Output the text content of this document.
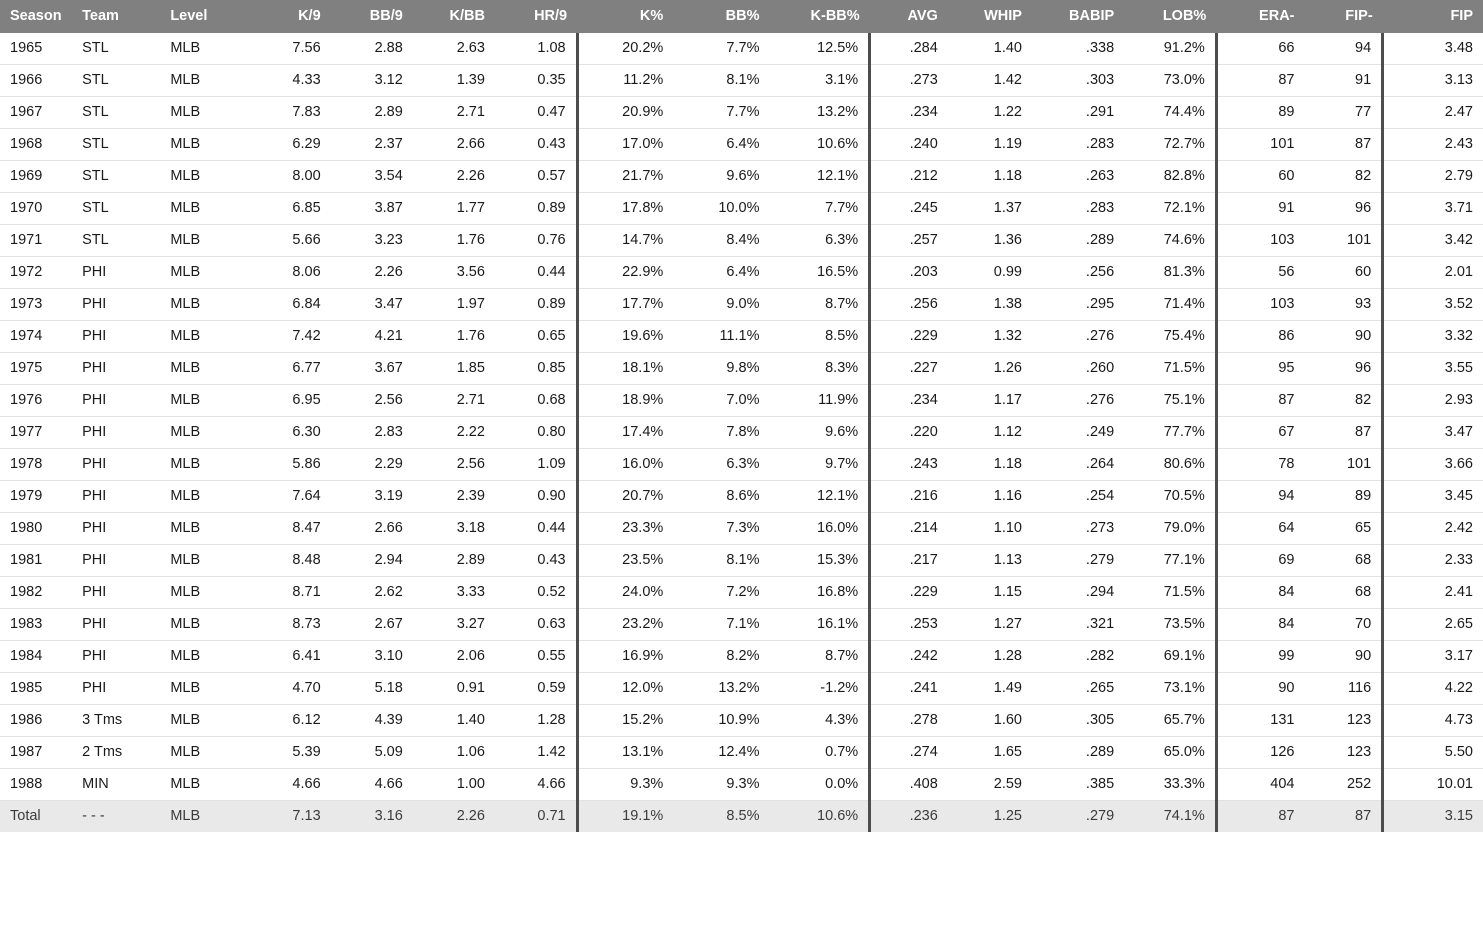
Season	Team	Level	K/9	BB/9	K/BB	HR/9	K%	BB%	K-BB%	AVG	WHIP	BABIP	LOB%	ERA-	FIP-	FIP
1965	STL	MLB	7.56	2.88	2.63	1.08	20.2%	7.7%	12.5%	.284	1.40	.338	91.2%	66	94	3.48
1966	STL	MLB	4.33	3.12	1.39	0.35	11.2%	8.1%	3.1%	.273	1.42	.303	73.0%	87	91	3.13
1967	STL	MLB	7.83	2.89	2.71	0.47	20.9%	7.7%	13.2%	.234	1.22	.291	74.4%	89	77	2.47
1968	STL	MLB	6.29	2.37	2.66	0.43	17.0%	6.4%	10.6%	.240	1.19	.283	72.7%	101	87	2.43
1969	STL	MLB	8.00	3.54	2.26	0.57	21.7%	9.6%	12.1%	.212	1.18	.263	82.8%	60	82	2.79
1970	STL	MLB	6.85	3.87	1.77	0.89	17.8%	10.0%	7.7%	.245	1.37	.283	72.1%	91	96	3.71
1971	STL	MLB	5.66	3.23	1.76	0.76	14.7%	8.4%	6.3%	.257	1.36	.289	74.6%	103	101	3.42
1972	PHI	MLB	8.06	2.26	3.56	0.44	22.9%	6.4%	16.5%	.203	0.99	.256	81.3%	56	60	2.01
1973	PHI	MLB	6.84	3.47	1.97	0.89	17.7%	9.0%	8.7%	.256	1.38	.295	71.4%	103	93	3.52
1974	PHI	MLB	7.42	4.21	1.76	0.65	19.6%	11.1%	8.5%	.229	1.32	.276	75.4%	86	90	3.32
1975	PHI	MLB	6.77	3.67	1.85	0.85	18.1%	9.8%	8.3%	.227	1.26	.260	71.5%	95	96	3.55
1976	PHI	MLB	6.95	2.56	2.71	0.68	18.9%	7.0%	11.9%	.234	1.17	.276	75.1%	87	82	2.93
1977	PHI	MLB	6.30	2.83	2.22	0.80	17.4%	7.8%	9.6%	.220	1.12	.249	77.7%	67	87	3.47
1978	PHI	MLB	5.86	2.29	2.56	1.09	16.0%	6.3%	9.7%	.243	1.18	.264	80.6%	78	101	3.66
1979	PHI	MLB	7.64	3.19	2.39	0.90	20.7%	8.6%	12.1%	.216	1.16	.254	70.5%	94	89	3.45
1980	PHI	MLB	8.47	2.66	3.18	0.44	23.3%	7.3%	16.0%	.214	1.10	.273	79.0%	64	65	2.42
1981	PHI	MLB	8.48	2.94	2.89	0.43	23.5%	8.1%	15.3%	.217	1.13	.279	77.1%	69	68	2.33
1982	PHI	MLB	8.71	2.62	3.33	0.52	24.0%	7.2%	16.8%	.229	1.15	.294	71.5%	84	68	2.41
1983	PHI	MLB	8.73	2.67	3.27	0.63	23.2%	7.1%	16.1%	.253	1.27	.321	73.5%	84	70	2.65
1984	PHI	MLB	6.41	3.10	2.06	0.55	16.9%	8.2%	8.7%	.242	1.28	.282	69.1%	99	90	3.17
1985	PHI	MLB	4.70	5.18	0.91	0.59	12.0%	13.2%	-1.2%	.241	1.49	.265	73.1%	90	116	4.22
1986	3 Tms	MLB	6.12	4.39	1.40	1.28	15.2%	10.9%	4.3%	.278	1.60	.305	65.7%	131	123	4.73
1987	2 Tms	MLB	5.39	5.09	1.06	1.42	13.1%	12.4%	0.7%	.274	1.65	.289	65.0%	126	123	5.50
1988	MIN	MLB	4.66	4.66	1.00	4.66	9.3%	9.3%	0.0%	.408	2.59	.385	33.3%	404	252	10.01
Total	- - -	MLB	7.13	3.16	2.26	0.71	19.1%	8.5%	10.6%	.236	1.25	.279	74.1%	87	87	3.15
